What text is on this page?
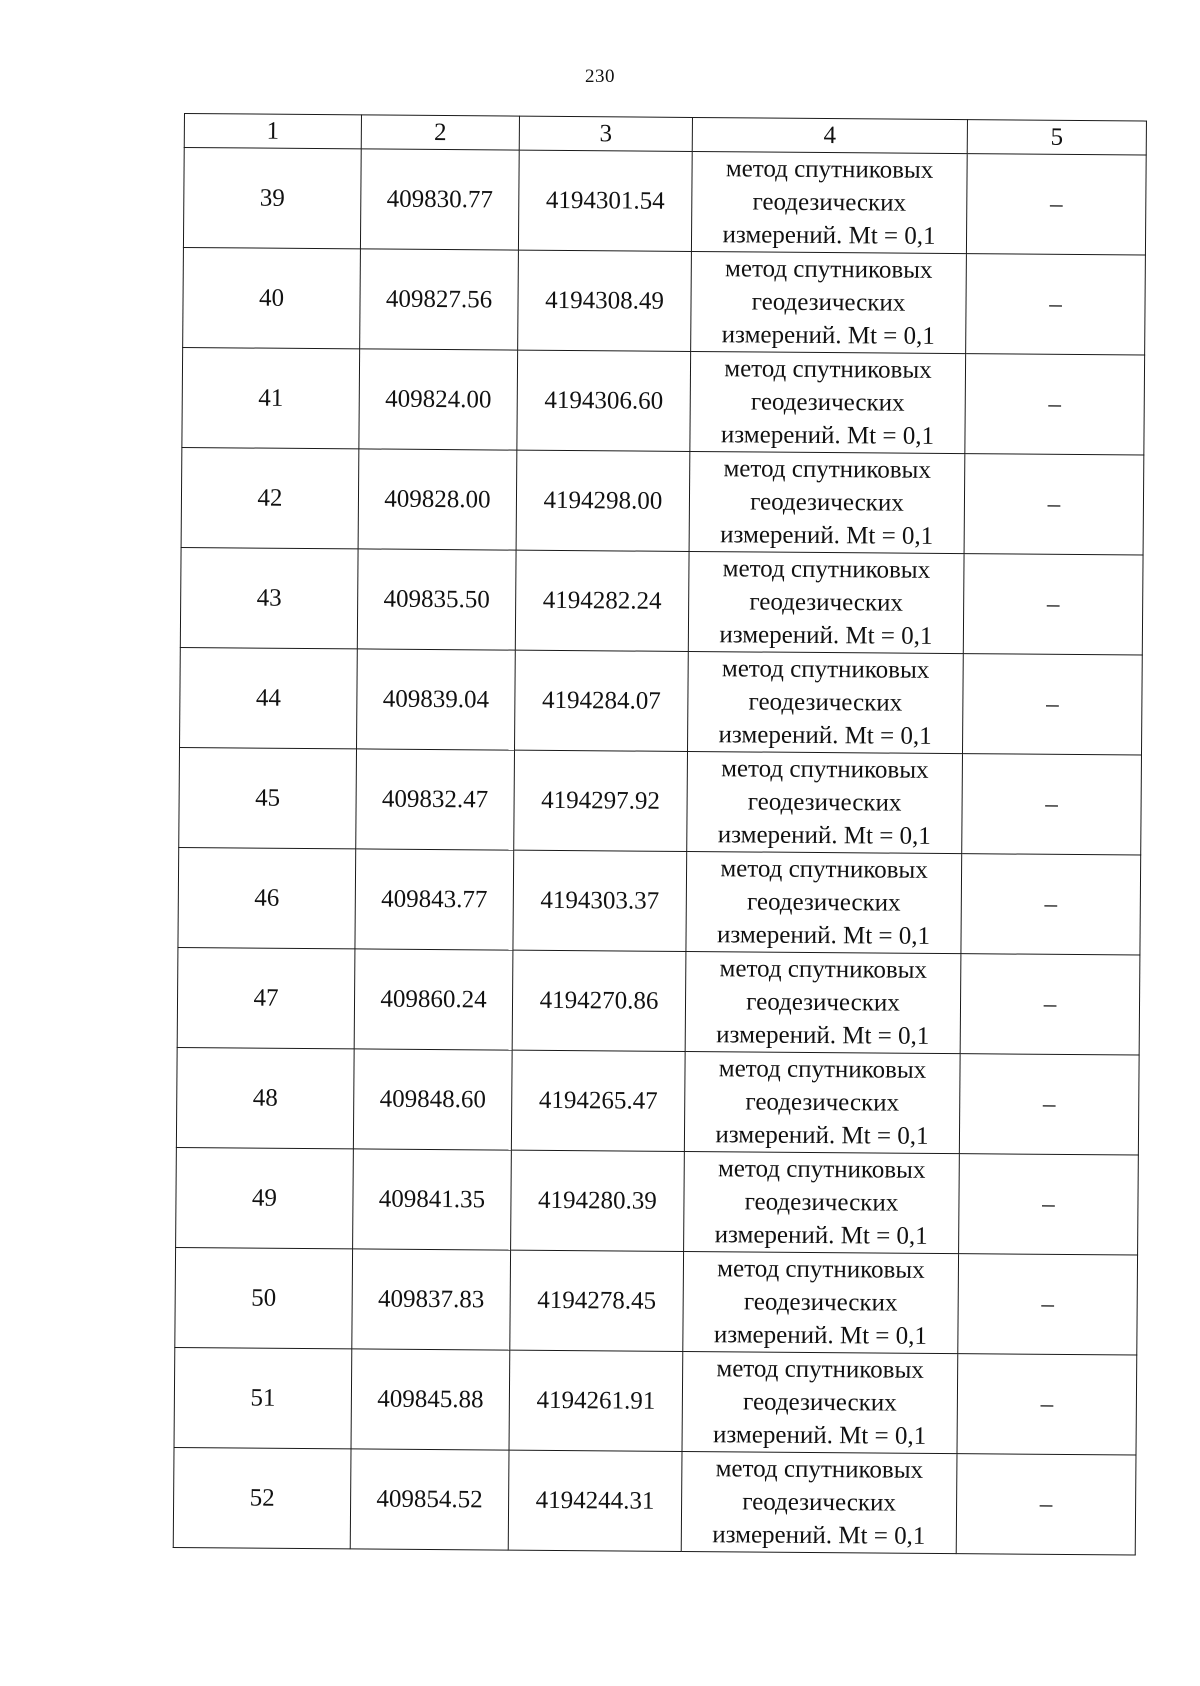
230
1	2	3	4	5
39	409830.77	4194301.54	метод спутниковых
геодезических
измерений. Mt = 0,1	–
40	409827.56	4194308.49	метод спутниковых
геодезических
измерений. Mt = 0,1	–
41	409824.00	4194306.60	метод спутниковых
геодезических
измерений. Mt = 0,1	–
42	409828.00	4194298.00	метод спутниковых
геодезических
измерений. Mt = 0,1	–
43	409835.50	4194282.24	метод спутниковых
геодезических
измерений. Mt = 0,1	–
44	409839.04	4194284.07	метод спутниковых
геодезических
измерений. Mt = 0,1	–
45	409832.47	4194297.92	метод спутниковых
геодезических
измерений. Mt = 0,1	–
46	409843.77	4194303.37	метод спутниковых
геодезических
измерений. Mt = 0,1	–
47	409860.24	4194270.86	метод спутниковых
геодезических
измерений. Mt = 0,1	–
48	409848.60	4194265.47	метод спутниковых
геодезических
измерений. Mt = 0,1	–
49	409841.35	4194280.39	метод спутниковых
геодезических
измерений. Mt = 0,1	–
50	409837.83	4194278.45	метод спутниковых
геодезических
измерений. Mt = 0,1	–
51	409845.88	4194261.91	метод спутниковых
геодезических
измерений. Mt = 0,1	–
52	409854.52	4194244.31	метод спутниковых
геодезических
измерений. Mt = 0,1	–
